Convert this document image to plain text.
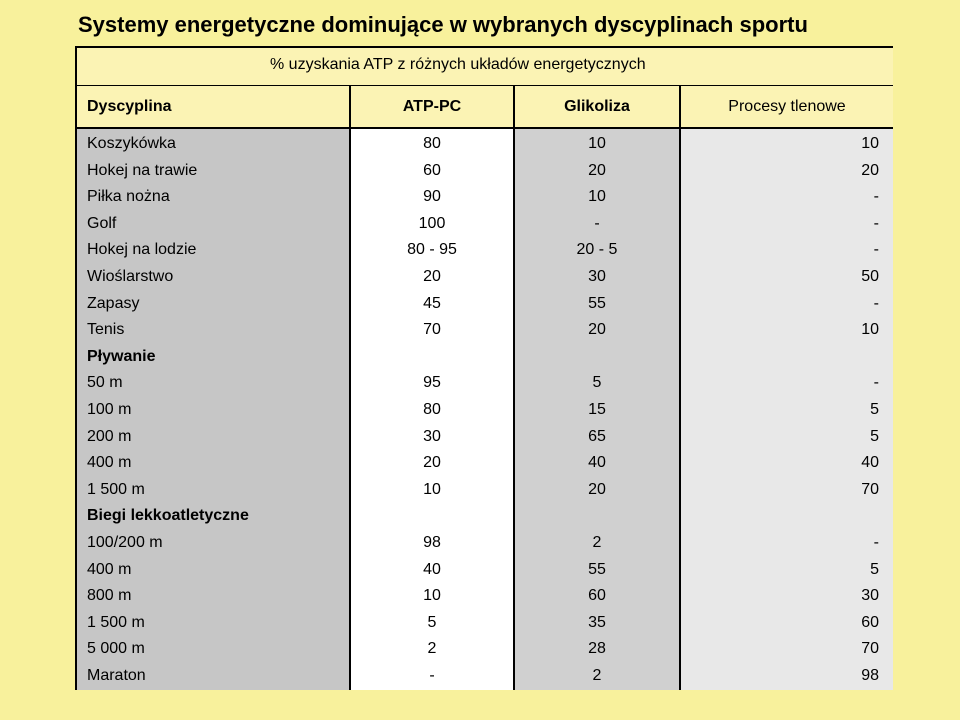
Systemy energetyczne dominujące w wybranych dyscyplinach sportu
% uzyskania ATP z różnych układów energetycznych
Dyscyplina	ATP-PC	Glikoliza	Procesy tlenowe
Koszykówka	80	10	10
Hokej na trawie	60	20	20
Piłka nożna	90	10	-
Golf	100	-	-
Hokej na lodzie	80 - 95	20 - 5	-
Wioślarstwo	20	30	50
Zapasy	45	55	-
Tenis	70	20	10
Pływanie
50 m	95	5	-
100 m	80	15	5
200 m	30	65	5
400 m	20	40	40
1 500 m	10	20	70
Biegi lekkoatletyczne
100/200 m	98	2	-
400 m	40	55	5
800 m	10	60	30
1 500 m	5	35	60
5 000 m	2	28	70
Maraton	-	2	98
